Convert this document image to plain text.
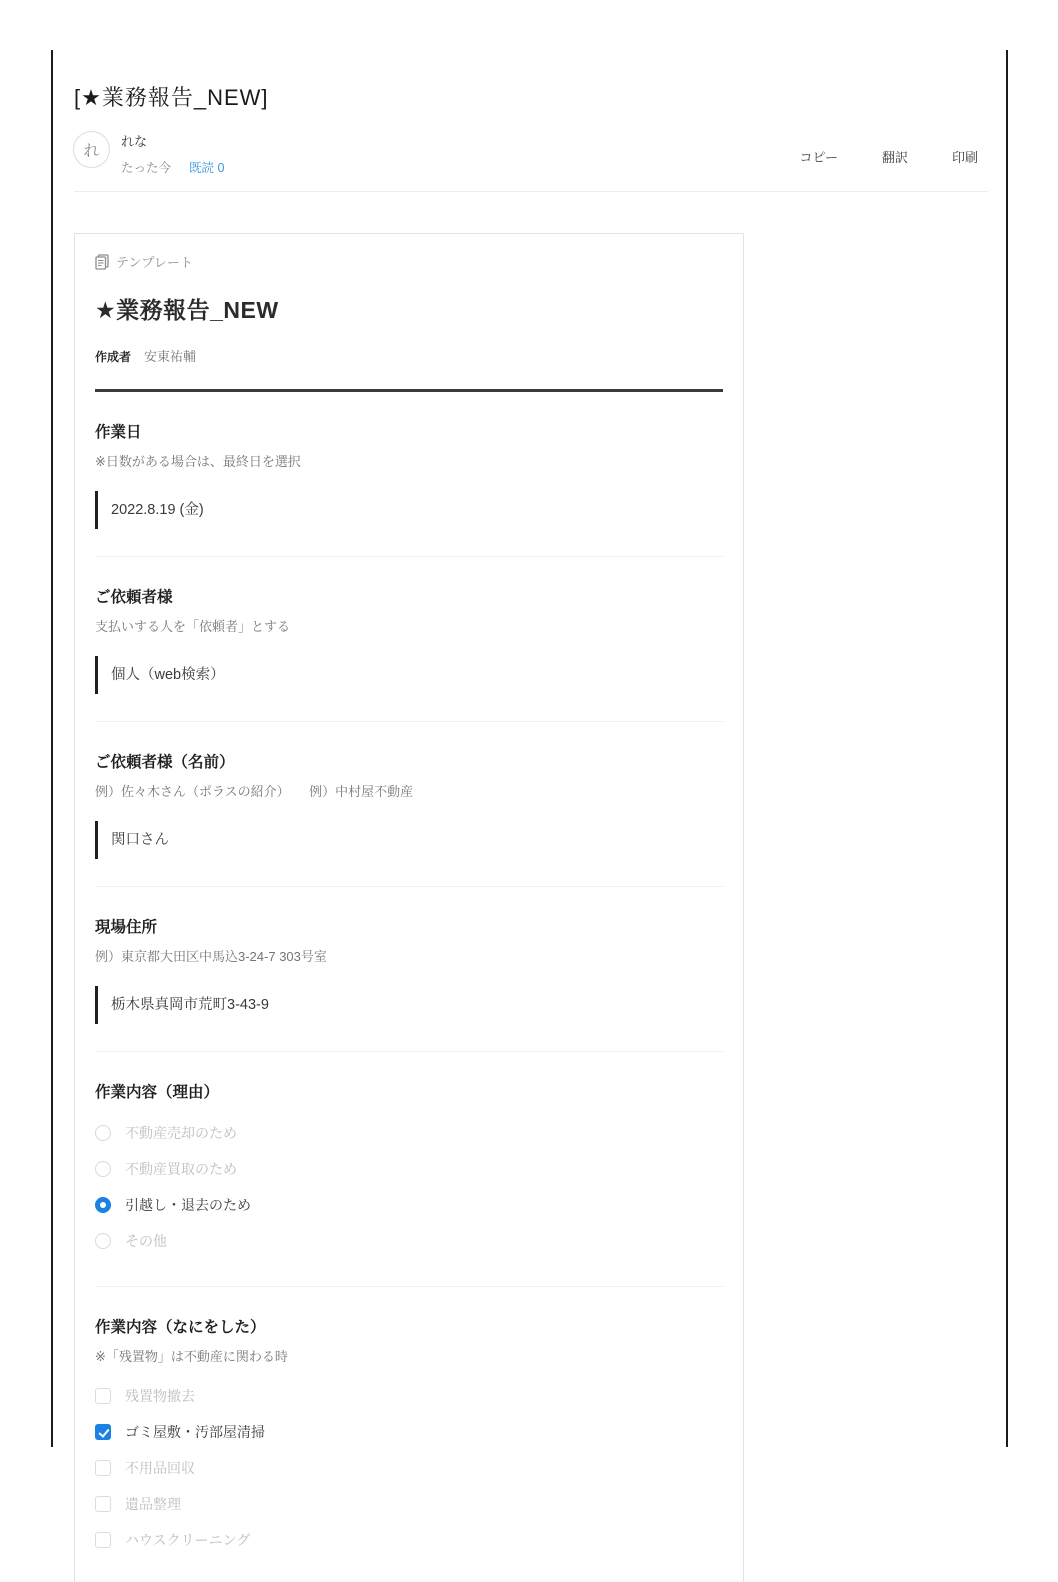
[★業務報告_NEW]
れ
れな
たった今 既読 0
コピー	翻訳	印刷
テンプレート
★業務報告_NEW
作成者 安東祐輔
作業日
※日数がある場合は、最終日を選択
2022.8.19 (金)
ご依頼者様
支払いする人を「依頼者」とする
個人（web検索）
ご依頼者様（名前）
例）佐々木さん（ポラスの紹介）　　例）中村屋不動産
関口さん
現場住所
例）東京都大田区中馬込3-24-7 303号室
栃木県真岡市荒町3-43-9
作業内容（理由）
不動産売却のため
不動産買取のため
引越し・退去のため
その他
作業内容（なにをした）
※「残置物」は不動産に関わる時
残置物撤去
ゴミ屋敷・汚部屋清掃
不用品回収
遺品整理
ハウスクリーニング
